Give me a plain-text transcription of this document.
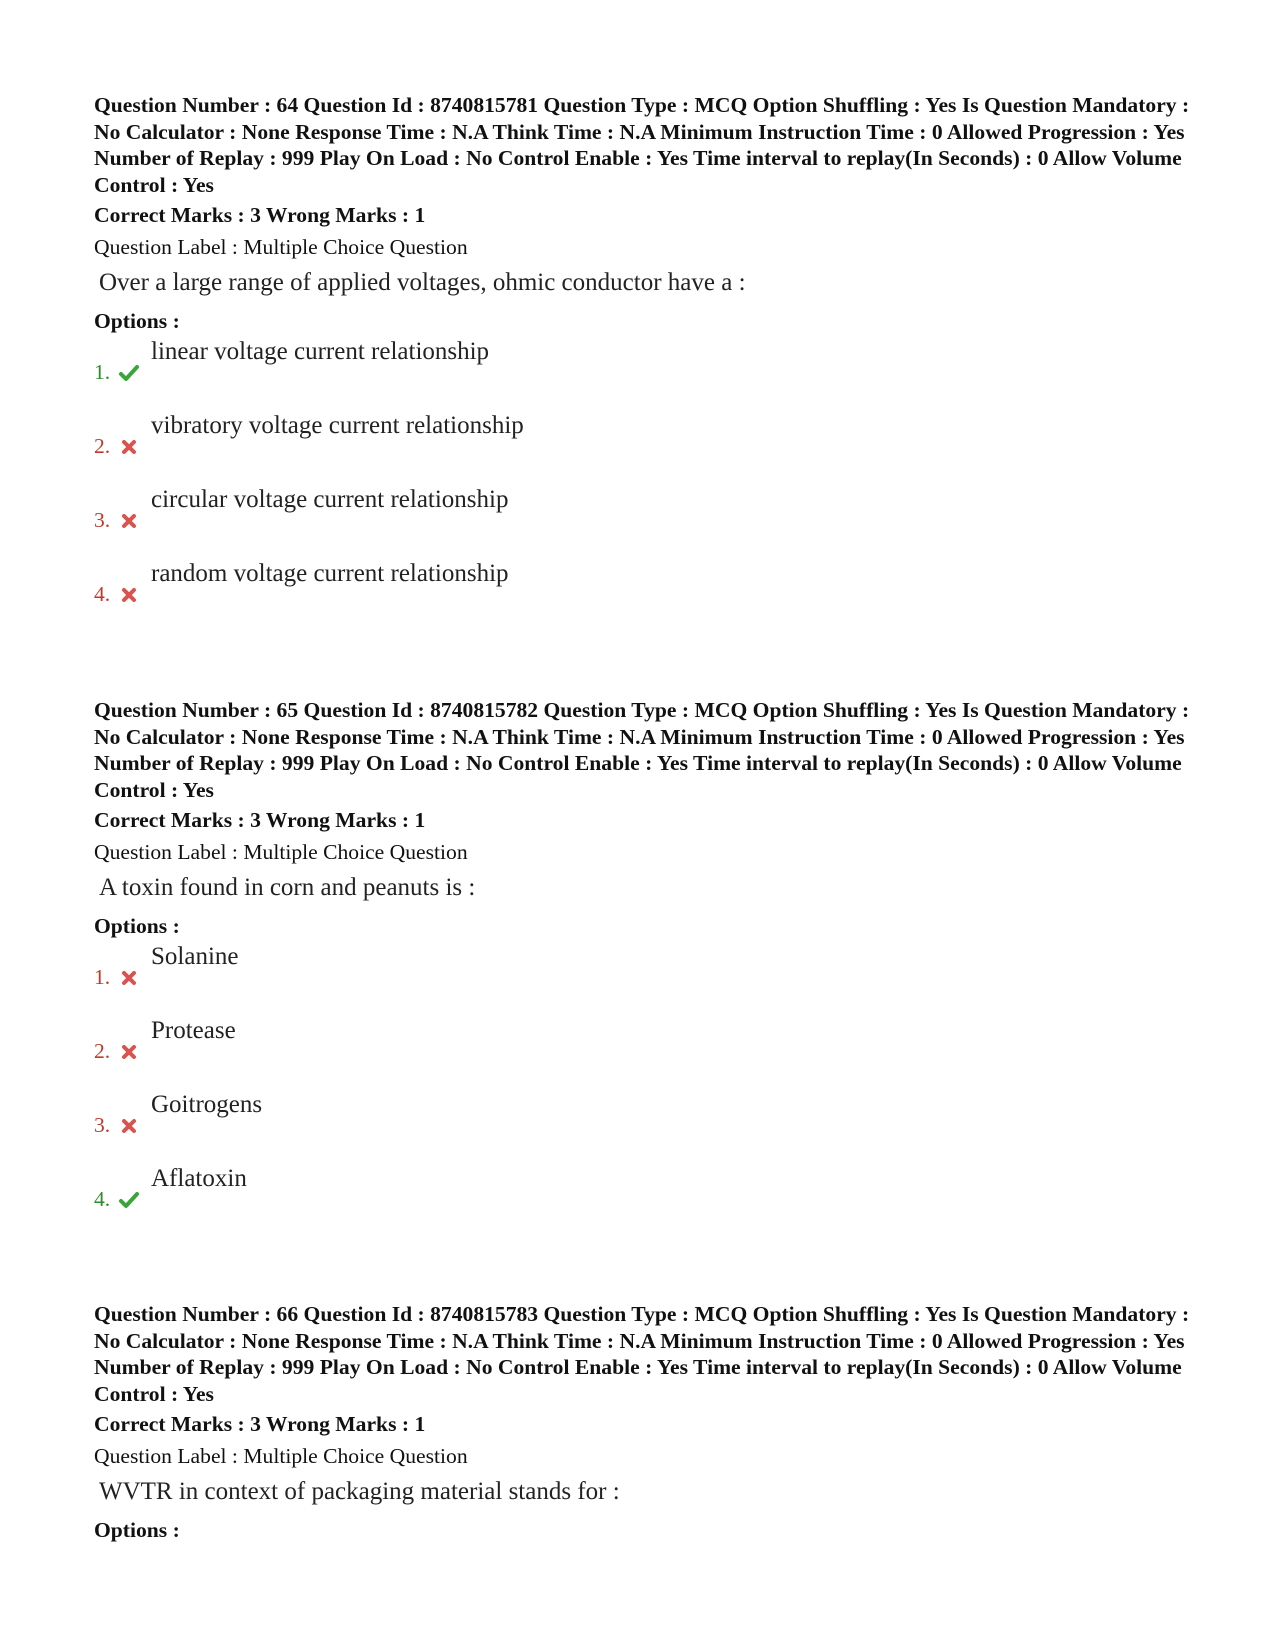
Question Number : 64 Question Id : 8740815781 Question Type : MCQ Option Shuffling : Yes Is Question Mandatory : No Calculator : None Response Time : N.A Think Time : N.A Minimum Instruction Time : 0 Allowed Progression : Yes Number of Replay : 999 Play On Load : No Control Enable : Yes Time interval to replay(In Seconds) : 0 Allow Volume Control : Yes

Correct Marks : 3 Wrong Marks : 1
Question Label : Multiple Choice Question
Over a large range of applied voltages, ohmic conductor have a :
Options :
1.
linear voltage current relationship
2.
vibratory voltage current relationship
3.
circular voltage current relationship
4.
random voltage current relationship

Question Number : 65 Question Id : 8740815782 Question Type : MCQ Option Shuffling : Yes Is Question Mandatory : No Calculator : None Response Time : N.A Think Time : N.A Minimum Instruction Time : 0 Allowed Progression : Yes Number of Replay : 999 Play On Load : No Control Enable : Yes Time interval to replay(In Seconds) : 0 Allow Volume Control : Yes

Correct Marks : 3 Wrong Marks : 1
Question Label : Multiple Choice Question
A toxin found in corn and peanuts is :
Options :
1.
Solanine
2.
Protease
3.
Goitrogens
4.
Aflatoxin

Question Number : 66 Question Id : 8740815783 Question Type : MCQ Option Shuffling : Yes Is Question Mandatory : No Calculator : None Response Time : N.A Think Time : N.A Minimum Instruction Time : 0 Allowed Progression : Yes Number of Replay : 999 Play On Load : No Control Enable : Yes Time interval to replay(In Seconds) : 0 Allow Volume Control : Yes

Correct Marks : 3 Wrong Marks : 1
Question Label : Multiple Choice Question
WVTR in context of packaging material stands for :
Options :
